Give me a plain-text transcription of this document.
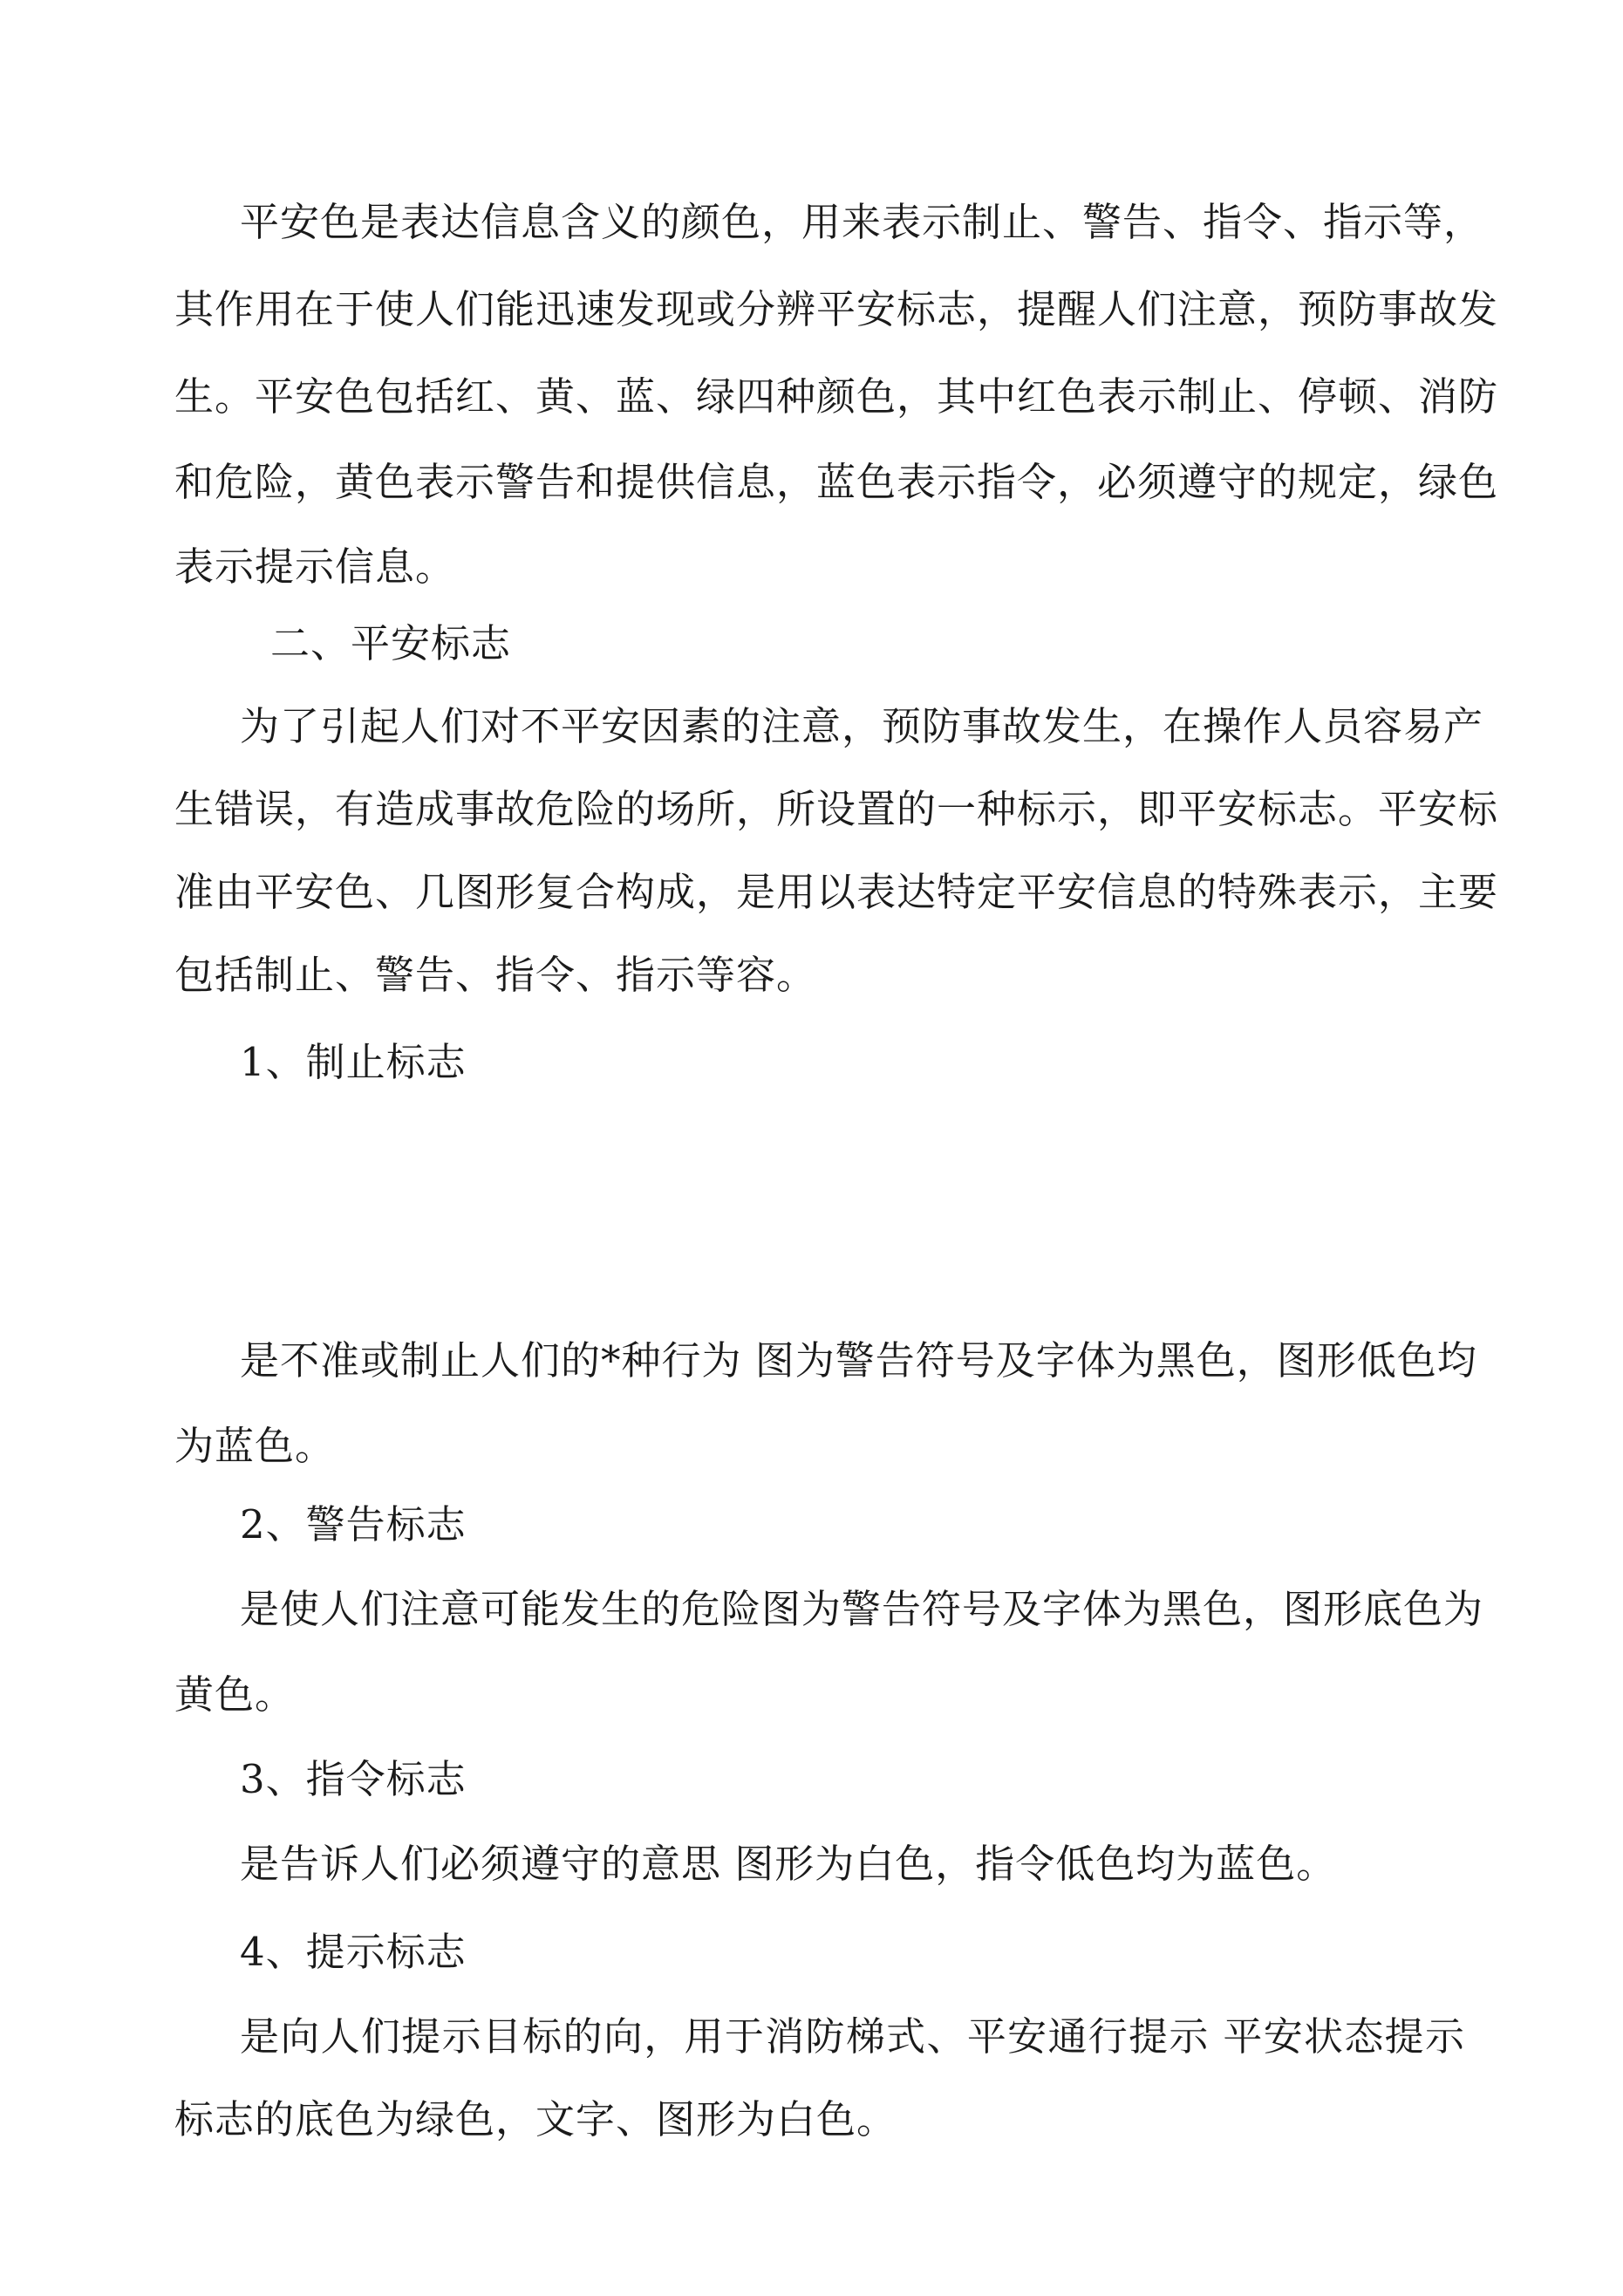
平安色是表达信息含义的颜色，用来表示制止、警告、指令、指示等，
其作用在于使人们能迅速发现或分辨平安标志，提醒人们注意，预防事故发
生。平安色包括红、黄、蓝、绿四种颜色，其中红色表示制止、停顿、消防
和危险，黄色表示警告和提供信息，蓝色表示指令，必须遵守的规定，绿色
表示提示信息。
二、平安标志
为了引起人们对不平安因素的注意，预防事故发生，在操作人员容易产
生错误，有造成事故危险的场所，所设置的一种标示，即平安标志。平安标
准由平安色、几图形复合构成，是用以表达特定平安信息的特殊表示，主要
包括制止、警告、指令、指示等容。
1、制止标志
是不准或制止人们的*种行为 图为警告符号及字体为黑色，图形低色均
为蓝色。
2、警告标志
是使人们注意可能发生的危险图为警告符号及字体为黑色，图形底色为
黄色。
3、指令标志
是告诉人们必须遵守的意思 图形为白色，指令低色均为蓝色。
4、提示标志
是向人们提示目标的向，用于消防梯式、平安通行提示 平安状态提示
标志的底色为绿色，文字、图形为白色。
